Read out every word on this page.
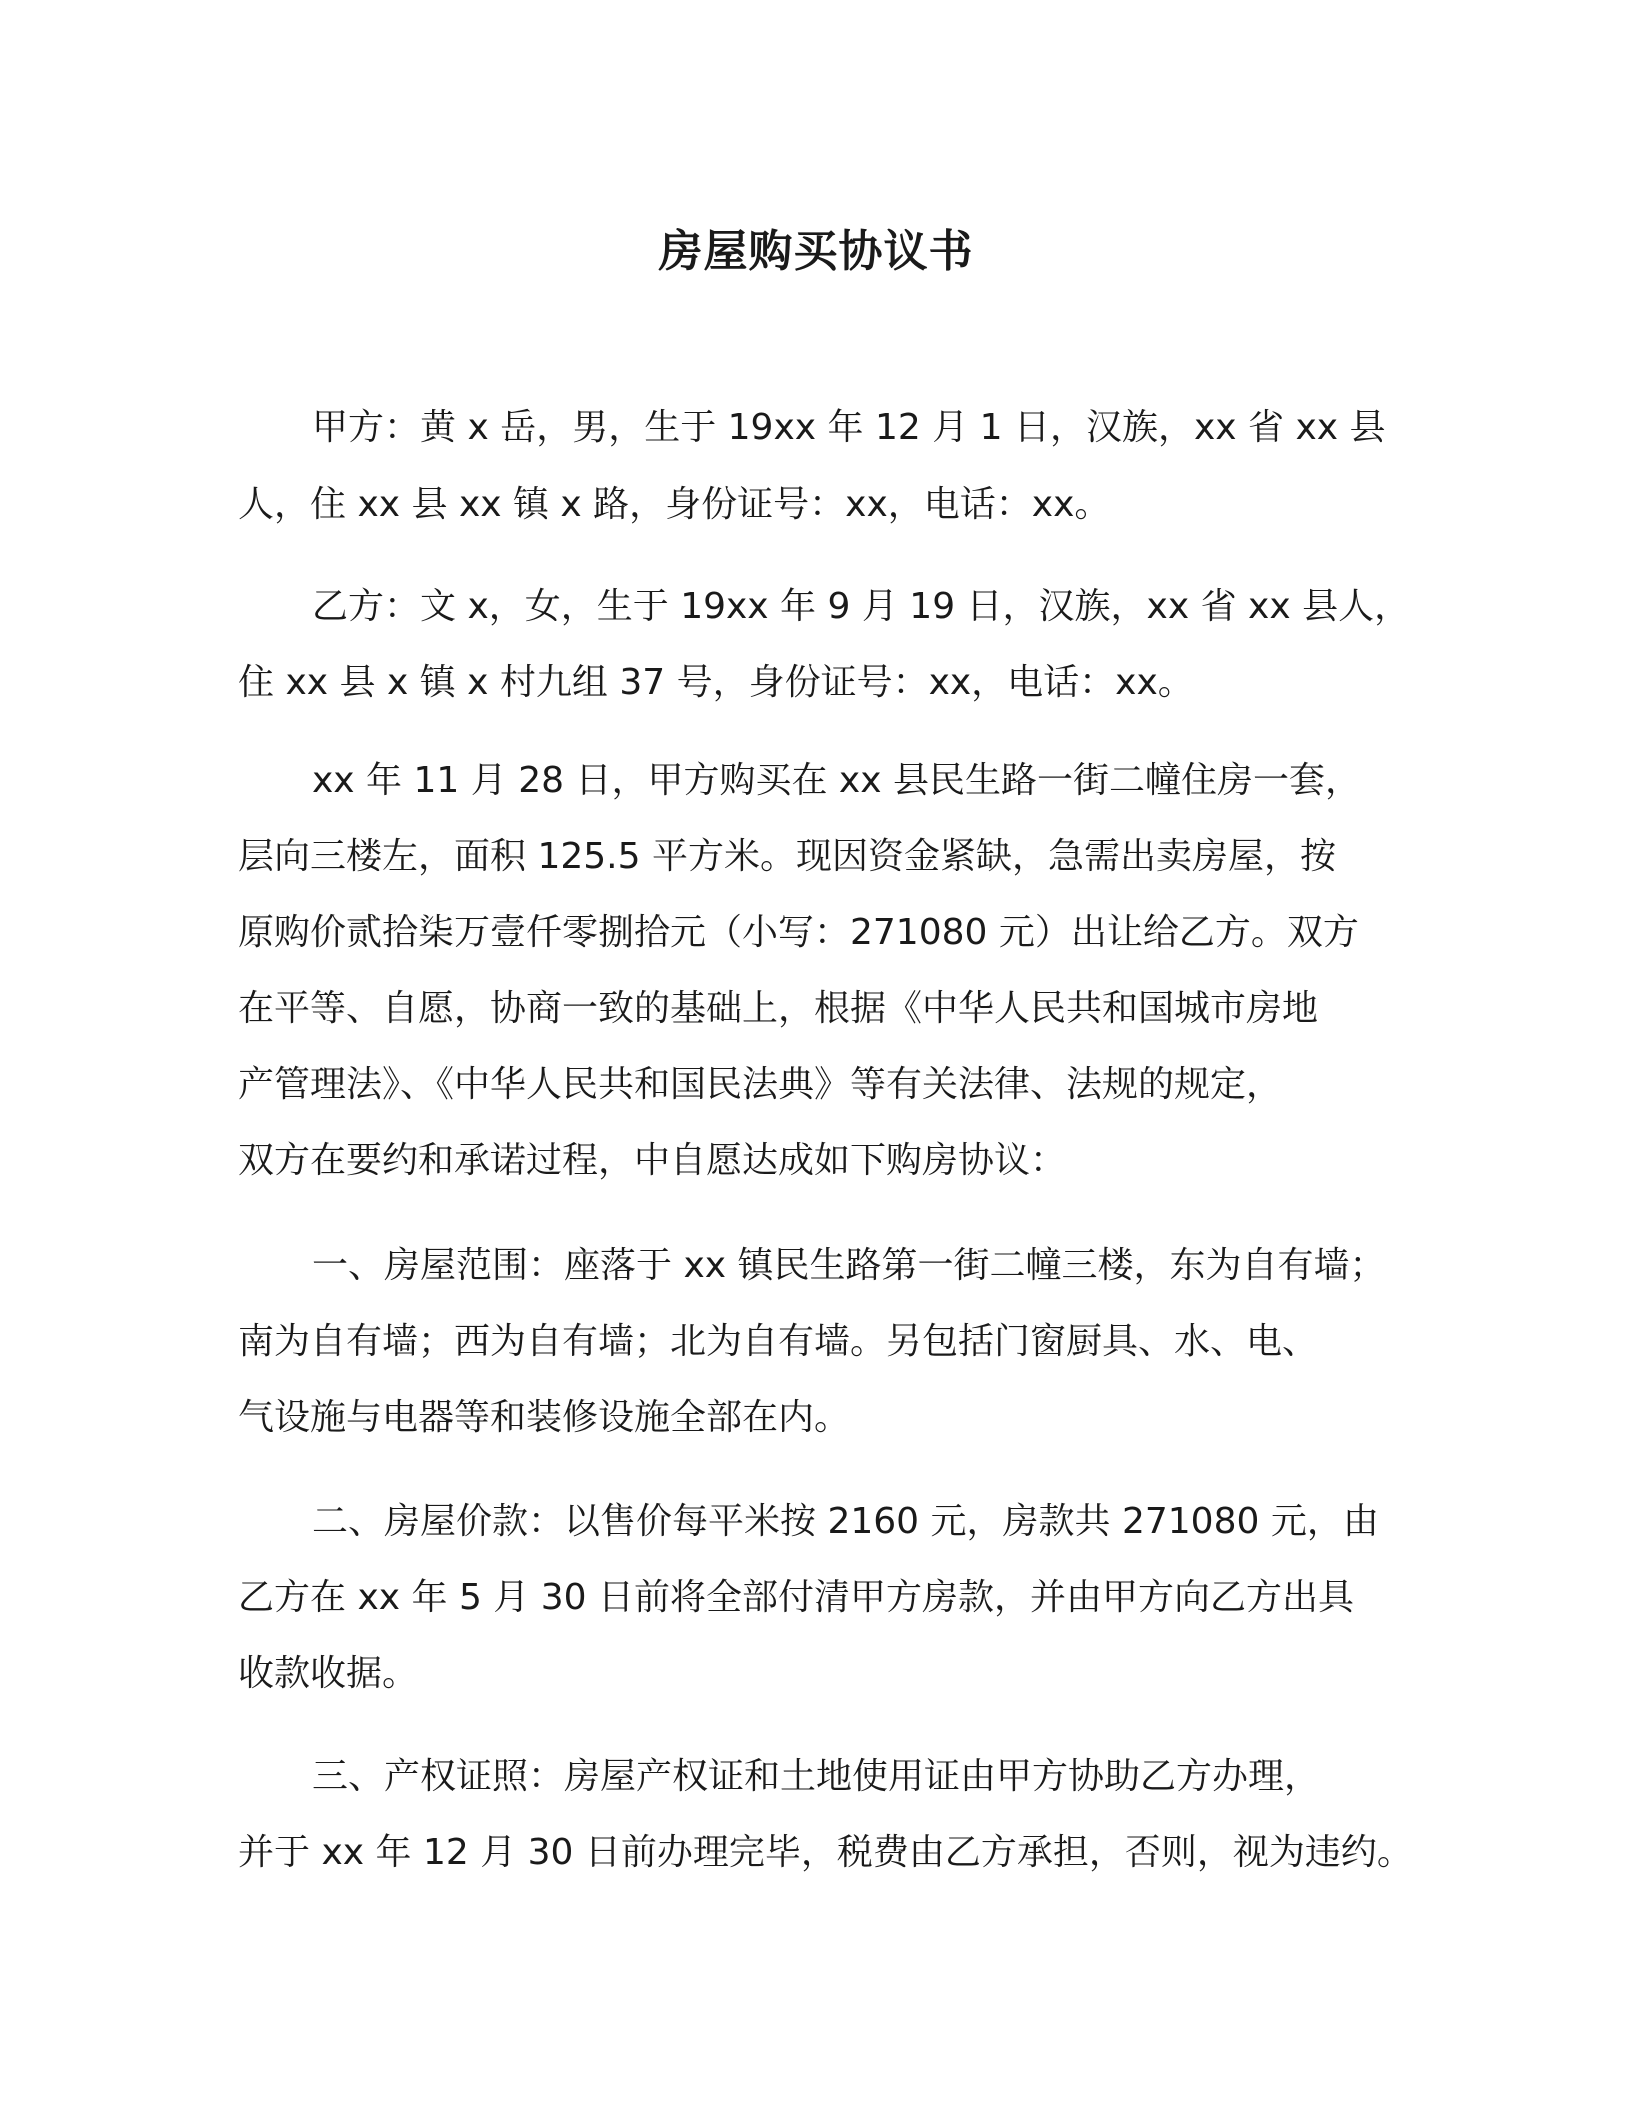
房屋购买协议书

甲方：黄 x 岳，男，生于 19xx 年 12 月 1 日，汉族，xx 省 xx 县

人，住 xx 县 xx 镇 x 路，身份证号：xx，电话：xx。

乙方：文 x，女，生于 19xx 年 9 月 19 日，汉族，xx 省 xx 县人，

住 xx 县 x 镇 x 村九组 37 号，身份证号：xx，电话：xx。

xx 年 11 月 28 日，甲方购买在 xx 县民生路一街二幢住房一套，

层向三楼左，面积 125.5 平方米。现因资金紧缺，急需出卖房屋，按

原购价贰拾柒万壹仟零捌拾元（小写：271080 元）出让给乙方。双方

在平等、自愿，协商一致的基础上，根据《中华人民共和国城市房地

产管理法》、《中华人民共和国民法典》等有关法律、法规的规定，

双方在要约和承诺过程，中自愿达成如下购房协议：

一、房屋范围：座落于 xx 镇民生路第一街二幢三楼，东为自有墙；

南为自有墙；西为自有墙；北为自有墙。另包括门窗厨具、水、电、

气设施与电器等和装修设施全部在内。

二、房屋价款：以售价每平米按 2160 元，房款共 271080 元，由

乙方在 xx 年 5 月 30 日前将全部付清甲方房款，并由甲方向乙方出具

收款收据。

三、产权证照：房屋产权证和土地使用证由甲方协助乙方办理，

并于 xx 年 12 月 30 日前办理完毕，税费由乙方承担，否则，视为违约。
